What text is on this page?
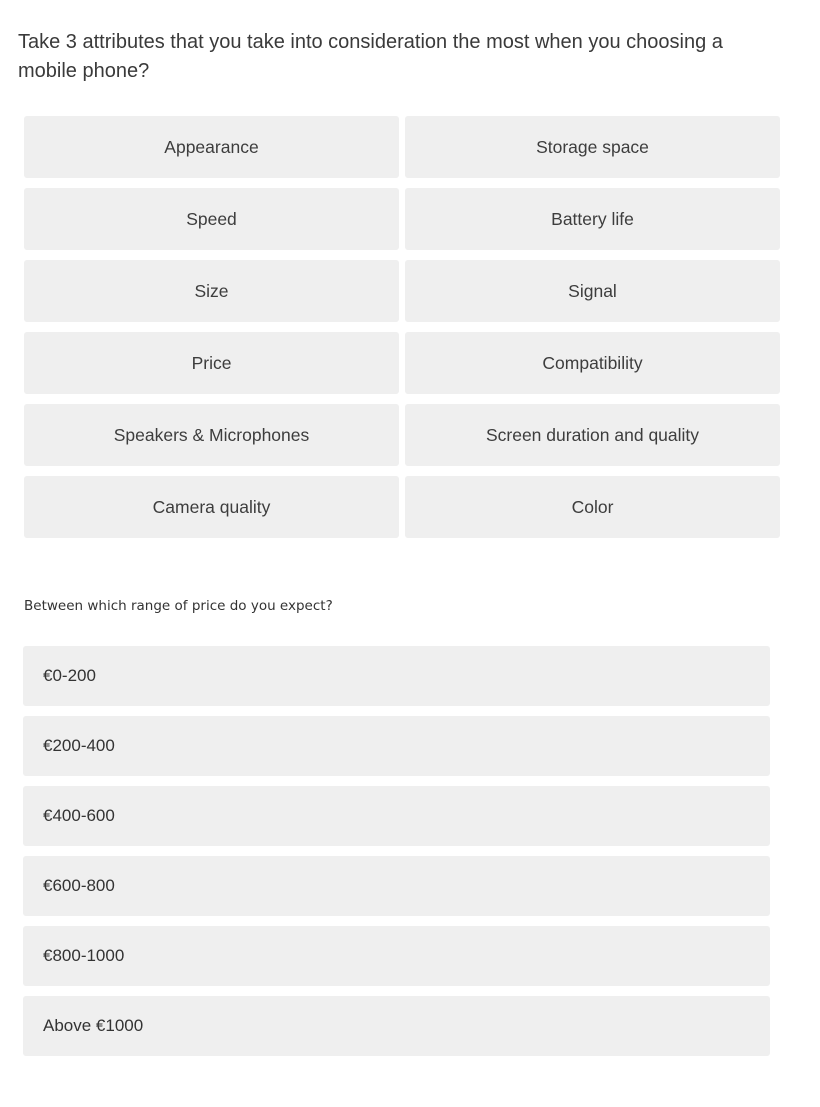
Take 3 attributes that you take into consideration the most when you choosing a mobile phone?
Appearance	Storage space
Speed	Battery life
Size	Signal
Price	Compatibility
Speakers & Microphones	Screen duration and quality
Camera quality	Color
Between which range of price do you expect?
€0-200
€200-400
€400-600
€600-800
€800-1000
Above €1000
